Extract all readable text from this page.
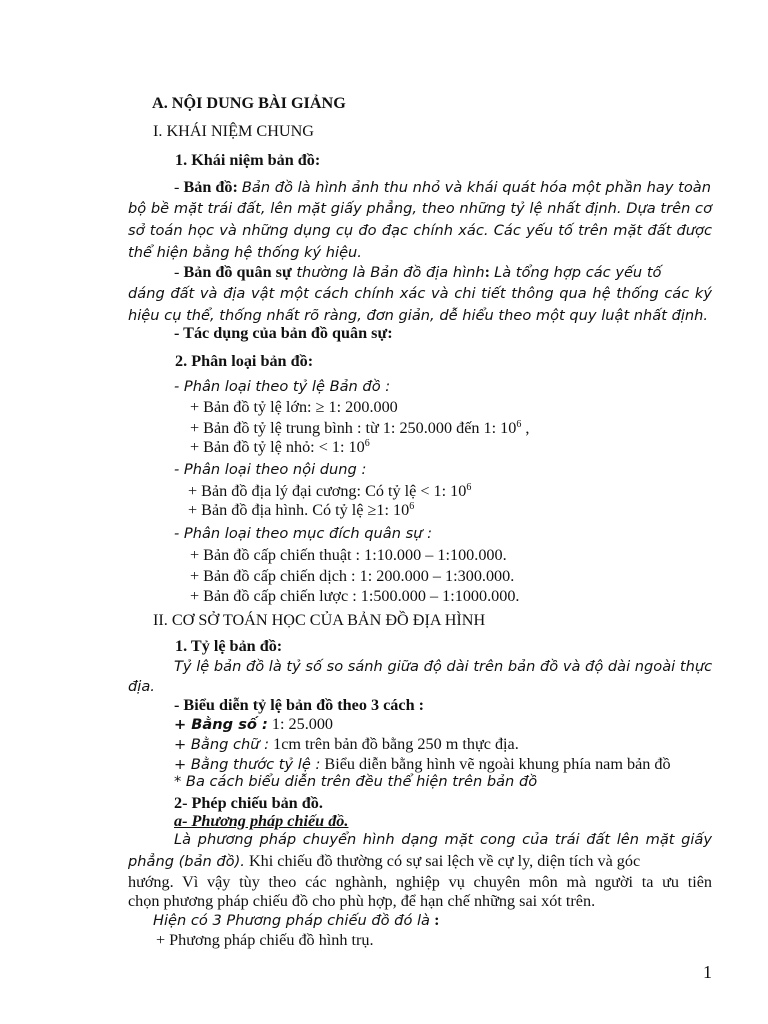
A. NỘI DUNG BÀI GIẢNG
I. KHÁI NIỆM CHUNG
1. Khái niệm bản đồ:
- Bản đồ: Bản đồ là hình ảnh thu nhỏ và khái quát hóa một phần hay toàn
bộ bề mặt trái đất, lên mặt giấy phẳng, theo những tỷ lệ nhất định. Dựa trên cơ
sở toán học và những dụng cụ đo đạc chính xác. Các yếu tố trên mặt đất được
thể hiện bằng hệ thống ký hiệu.
- Bản đồ quân sự thường là Bản đồ địa hình: Là tổng hợp các yếu tố
dáng đất và địa vật một cách chính xác và chi tiết thông qua hệ thống các ký
hiệu cụ thể, thống nhất rõ ràng, đơn giản, dễ hiểu theo một quy luật nhất định.
- Tác dụng của bản đồ quân sự:
2. Phân loại bản đồ:
- Phân loại theo tỷ lệ Bản đồ :
+ Bản đồ tỷ lệ lớn: ≥ 1: 200.000
+ Bản đồ tỷ lệ trung bình : từ 1: 250.000 đến 1: $10^6$ ,
+ Bản đồ tỷ lệ nhỏ: < 1: $10^6$
- Phân loại theo nội dung :
+ Bản đồ địa lý đại cương: Có tỷ lệ < 1: $10^6$
+ Bản đồ địa hình. Có tỷ lệ ≥1: $10^6$
- Phân loại theo mục đích quân sự :
+ Bản đồ cấp chiến thuật : 1:10.000 – 1:100.000.
+ Bản đồ cấp chiến dịch : 1: 200.000 – 1:300.000.
+ Bản đồ cấp chiến lược : 1:500.000 – 1:1000.000.
II. CƠ SỞ TOÁN HỌC CỦA BẢN ĐỒ ĐỊA HÌNH
1. Tỷ lệ bản đồ:
Tỷ lệ bản đồ là tỷ số so sánh giữa độ dài trên bản đồ và độ dài ngoài thực
địa.
- Biểu diễn tỷ lệ bản đồ theo 3 cách :
+ Bằng số : 1: 25.000
+ Bằng chữ : 1cm trên bản đồ bằng 250 m thực địa.
+ Bằng thước tỷ lệ : Biểu diễn bằng hình vẽ ngoài khung phía nam bản đồ
* Ba cách biểu diễn trên đều thể hiện trên bản đồ
2- Phép chiếu bản đồ.
a- Phương pháp chiếu đồ.
Là phương pháp chuyển hình dạng mặt cong của trái đất lên mặt giấy
phẳng (bản đồ). Khi chiếu đồ thường có sự sai lệch về cự ly, diện tích và góc
hướng. Vì vậy tùy theo các nghành, nghiệp vụ chuyên môn mà người ta ưu tiên
chọn phương pháp chiếu đồ cho phù hợp, để hạn chế những sai xót trên.
Hiện có 3 Phương pháp chiếu đồ đó là :
+ Phương pháp chiếu đồ hình trụ.
1
